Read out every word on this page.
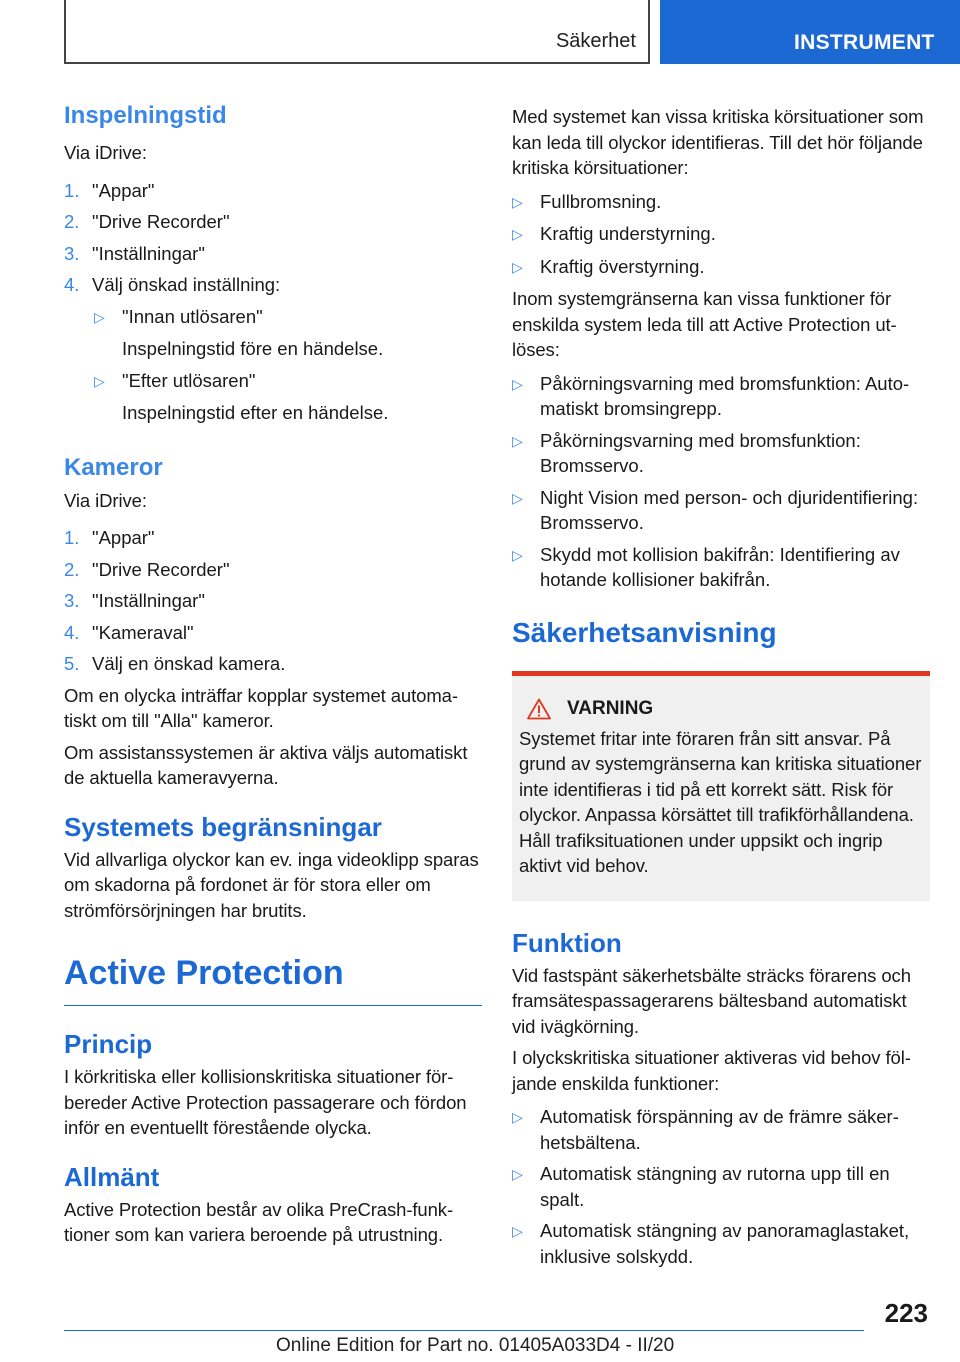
Säkerhet	INSTRUMENT
Inspelningstid
Via iDrive:
1. "Appar"
2. "Drive Recorder"
3. "Inställningar"
4. Välj önskad inställning:
▷ "Innan utlösaren"
Inspelningstid före en händelse.
▷ "Efter utlösaren"
Inspelningstid efter en händelse.
Kameror
Via iDrive:
1. "Appar"
2. "Drive Recorder"
3. "Inställningar"
4. "Kameraval"
5. Välj en önskad kamera.
Om en olycka inträffar kopplar systemet automatiskt om till "Alla" kameror.
Om assistanssystemen är aktiva väljs automatiskt de aktuella kameravyerna.
Systemets begränsningar
Vid allvarliga olyckor kan ev. inga videoklipp sparas om skadorna på fordonet är för stora eller om strömförsörjningen har brutits.
Active Protection
Princip
I körkritiska eller kollisionskritiska situationer förbereder Active Protection passagerare och fördon inför en eventuellt förestående olycka.
Allmänt
Active Protection består av olika PreCrash-funktioner som kan variera beroende på utrustning.
Med systemet kan vissa kritiska körsituationer som kan leda till olyckor identifieras. Till det hör följande kritiska körsituationer:
▷ Fullbromsning.
▷ Kraftig understyrning.
▷ Kraftig överstyrning.
Inom systemgränserna kan vissa funktioner för enskilda system leda till att Active Protection utlöses:
▷ Påkörningsvarning med bromsfunktion: Automatiskt bromsingrepp.
▷ Påkörningsvarning med bromsfunktion: Bromsservo.
▷ Night Vision med person- och djuridentifiering: Bromsservo.
▷ Skydd mot kollision bakifrån: Identifiering av hotande kollisioner bakifrån.
Säkerhetsanvisning
VARNING
Systemet fritar inte föraren från sitt ansvar. På grund av systemgränserna kan kritiska situationer inte identifieras i tid på ett korrekt sätt. Risk för olyckor. Anpassa körsättet till trafikförhållandena. Håll trafiksituationen under uppsikt och ingrip aktivt vid behov.
Funktion
Vid fastspänt säkerhetsbälte sträcks förarens och framsätespassagerarens bältesband automatiskt vid ivägkörning.
I olyckskritiska situationer aktiveras vid behov följande enskilda funktioner:
▷ Automatisk förspänning av de främre säkerhetsbältena.
▷ Automatisk stängning av rutorna upp till en spalt.
▷ Automatisk stängning av panoramaglastaket, inklusive solskydd.
223
Online Edition for Part no. 01405A033D4 - II/20
